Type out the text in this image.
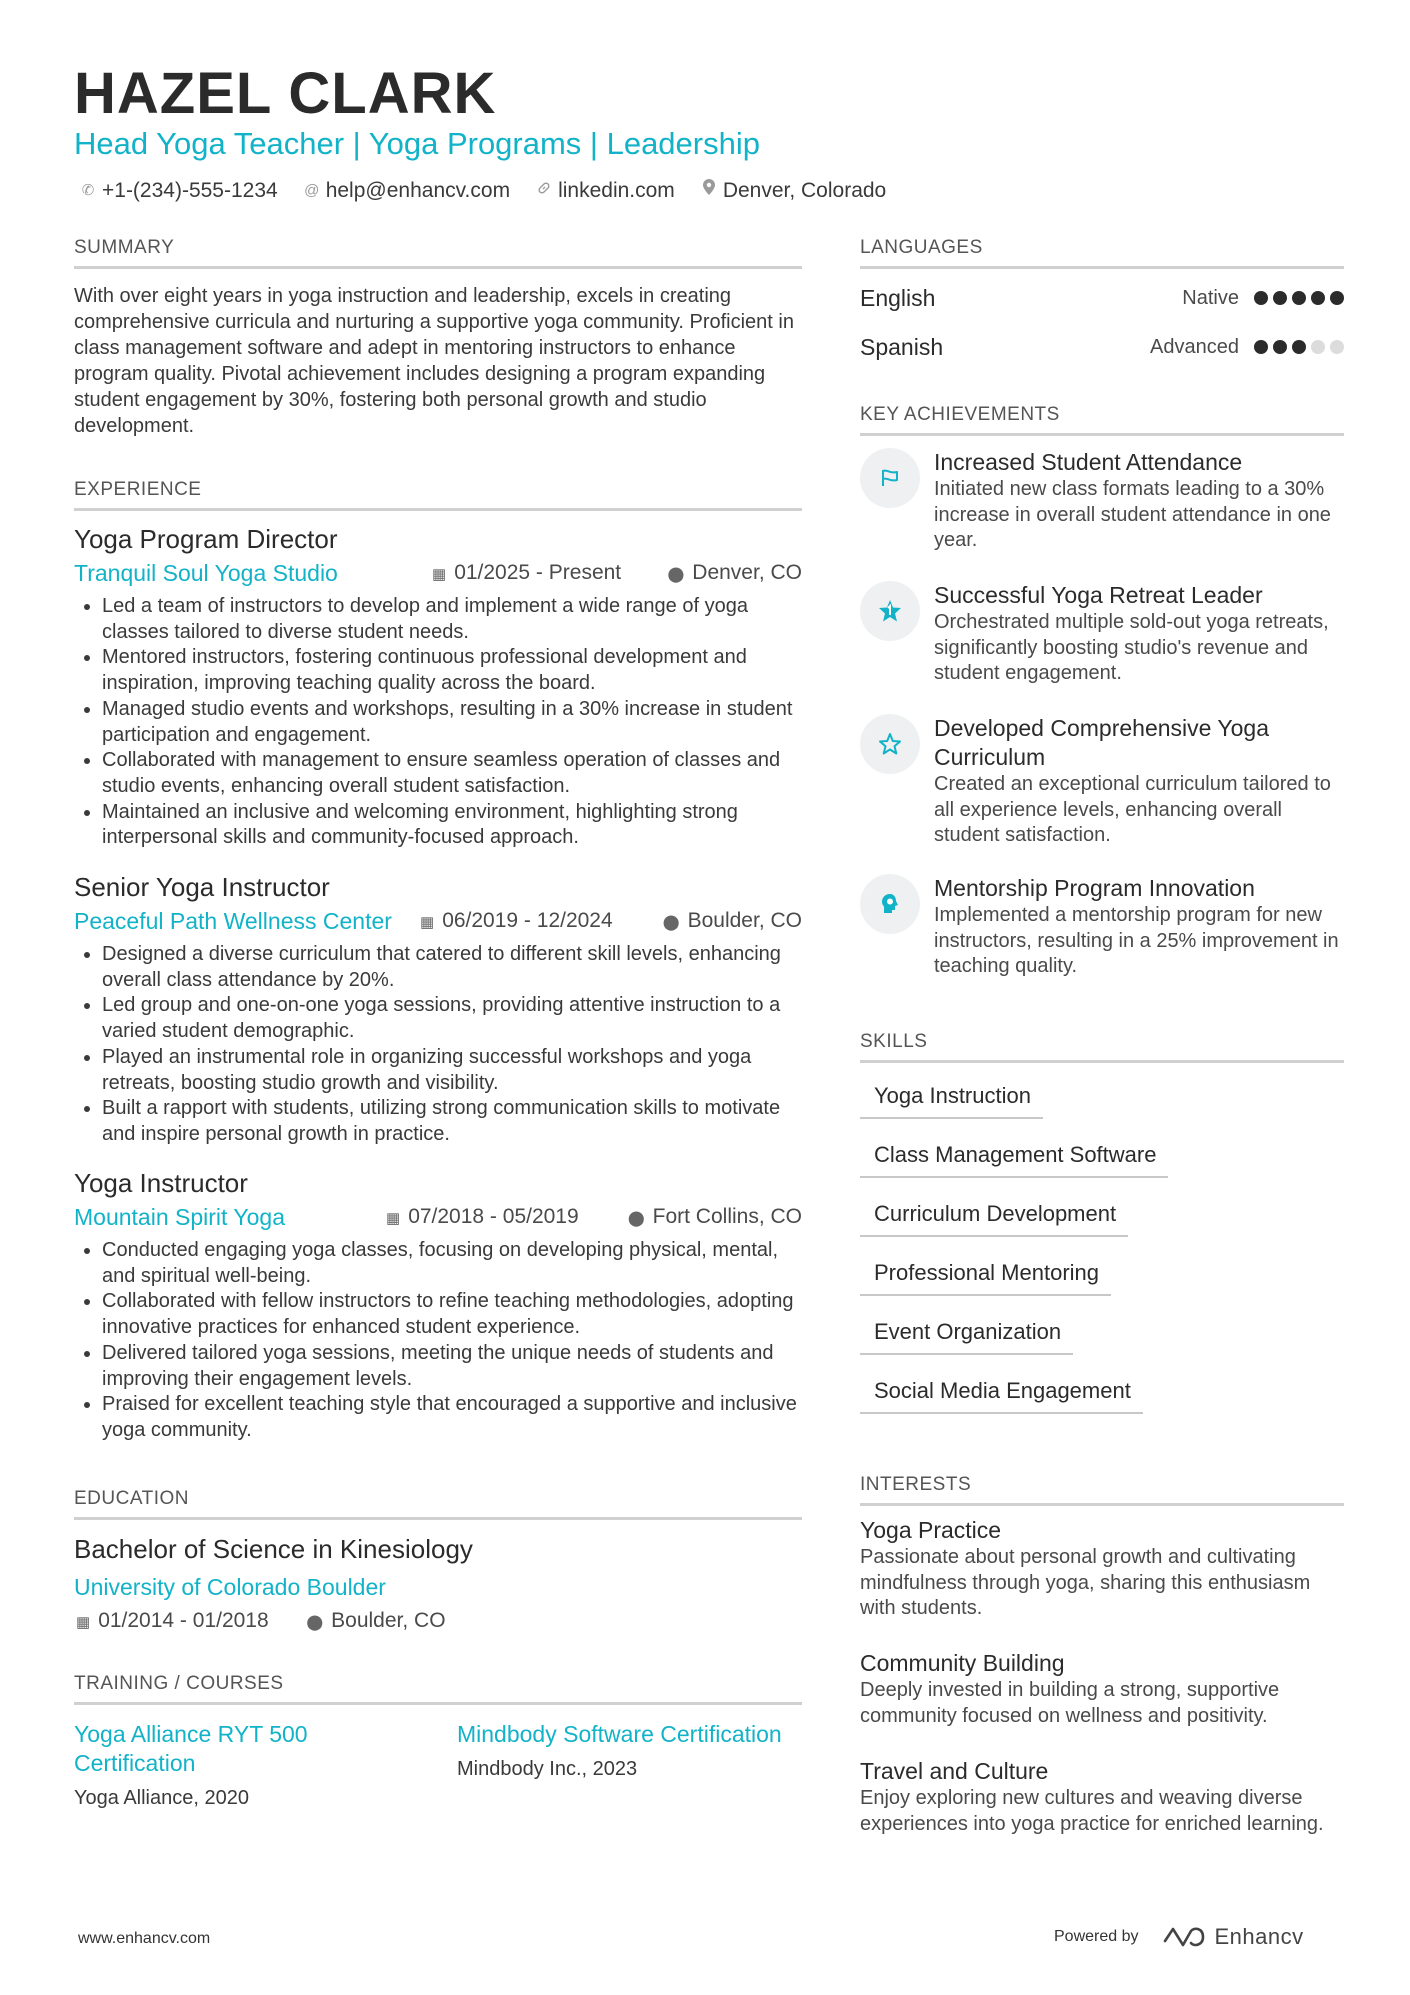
HAZEL CLARK
Head Yoga Teacher | Yoga Programs | Leadership
✆ +1-(234)-555-1234 @ help@enhancv.com linkedin.com Denver, Colorado
SUMMARY
With over eight years in yoga instruction and leadership, excels in creating comprehensive curricula and nurturing a supportive yoga community. Proficient in class management software and adept in mentoring instructors to enhance program quality. Pivotal achievement includes designing a program expanding student engagement by 30%, fostering both personal growth and studio development.
EXPERIENCE
Yoga Program Director
Tranquil Soul Yoga Studio	▦ 01/2025 - Present	⬤ Denver, CO
• Led a team of instructors to develop and implement a wide range of yoga classes tailored to diverse student needs.
• Mentored instructors, fostering continuous professional development and inspiration, improving teaching quality across the board.
• Managed studio events and workshops, resulting in a 30% increase in student participation and engagement.
• Collaborated with management to ensure seamless operation of classes and studio events, enhancing overall student satisfaction.
• Maintained an inclusive and welcoming environment, highlighting strong interpersonal skills and community-focused approach.
Senior Yoga Instructor
Peaceful Path Wellness Center ▦ 06/2019 - 12/2024	⬤ Boulder, CO
• Designed a diverse curriculum that catered to different skill levels, enhancing overall class attendance by 20%.
• Led group and one-on-one yoga sessions, providing attentive instruction to a varied student demographic.
• Played an instrumental role in organizing successful workshops and yoga retreats, boosting studio growth and visibility.
• Built a rapport with students, utilizing strong communication skills to motivate and inspire personal growth in practice.
Yoga Instructor
Mountain Spirit Yoga	▦ 07/2018 - 05/2019	⬤ Fort Collins, CO
• Conducted engaging yoga classes, focusing on developing physical, mental, and spiritual well-being.
• Collaborated with fellow instructors to refine teaching methodologies, adopting innovative practices for enhanced student experience.
• Delivered tailored yoga sessions, meeting the unique needs of students and improving their engagement levels.
• Praised for excellent teaching style that encouraged a supportive and inclusive yoga community.
EDUCATION
Bachelor of Science in Kinesiology
University of Colorado Boulder
▦ 01/2014 - 01/2018	⬤ Boulder, CO
TRAINING / COURSES
Yoga Alliance RYT 500 Certification
Yoga Alliance, 2020
Mindbody Software Certification
Mindbody Inc., 2023
LANGUAGES
English	Native
Spanish	Advanced
KEY ACHIEVEMENTS
Increased Student Attendance
Initiated new class formats leading to a 30% increase in overall student attendance in one year.
Successful Yoga Retreat Leader
Orchestrated multiple sold-out yoga retreats, significantly boosting studio's revenue and student engagement.
Developed Comprehensive Yoga Curriculum
Created an exceptional curriculum tailored to all experience levels, enhancing overall student satisfaction.
Mentorship Program Innovation
Implemented a mentorship program for new instructors, resulting in a 25% improvement in teaching quality.
SKILLS
Yoga Instruction
Class Management Software
Curriculum Development
Professional Mentoring
Event Organization
Social Media Engagement
INTERESTS
Yoga Practice
Passionate about personal growth and cultivating mindfulness through yoga, sharing this enthusiasm with students.
Community Building
Deeply invested in building a strong, supportive community focused on wellness and positivity.
Travel and Culture
Enjoy exploring new cultures and weaving diverse experiences into yoga practice for enriched learning.
www.enhancv.com	Powered by	Enhancv
